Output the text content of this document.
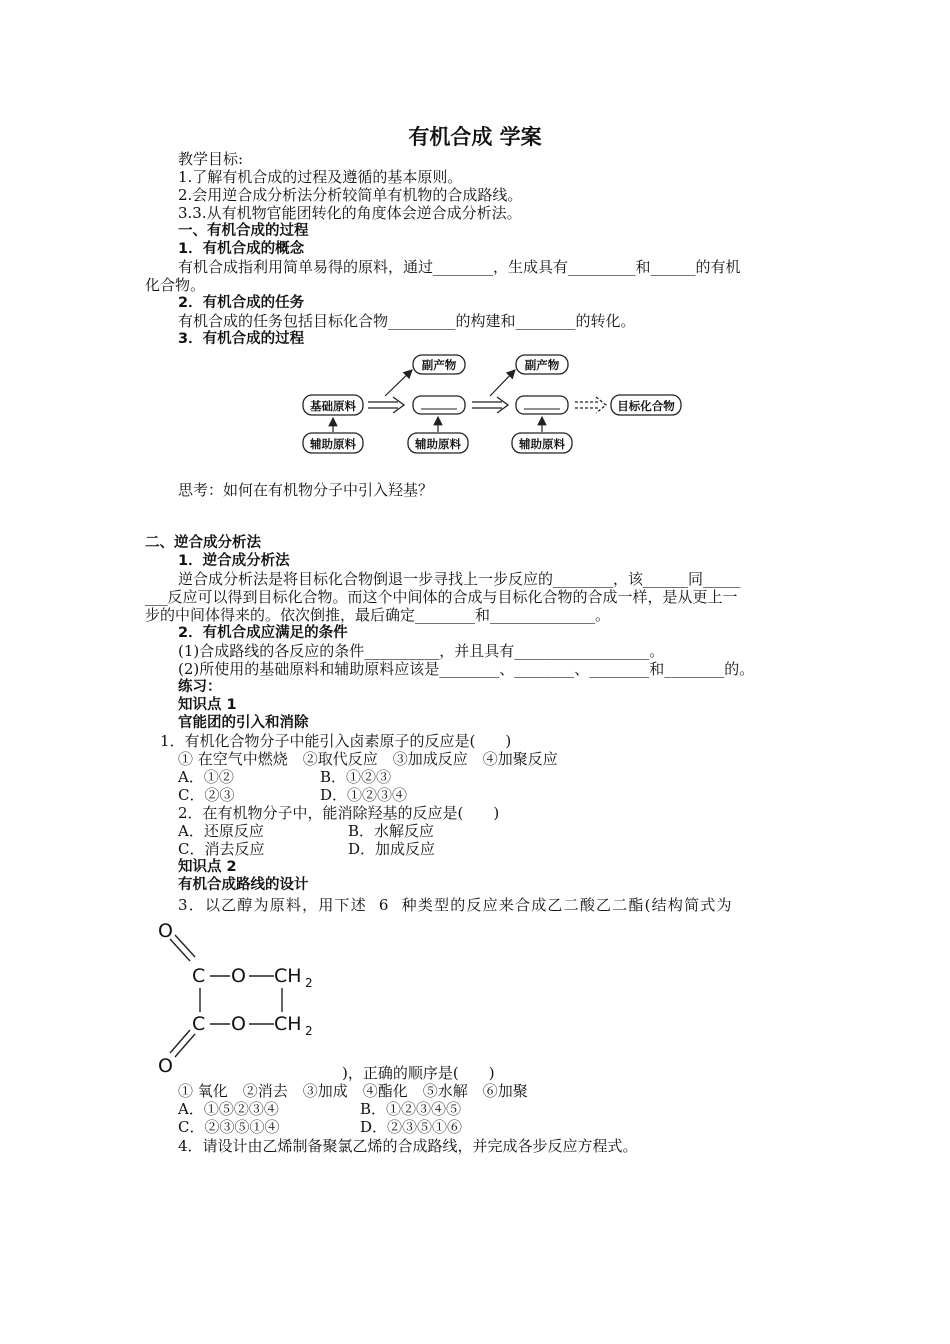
有机合成 学案
教学目标:
1.了解有机合成的过程及遵循的基本原则。
2.会用逆合成分析法分析较简单有机物的合成路线。
3.3.从有机物官能团转化的角度体会逆合成分析法。
一、有机合成的过程
1．有机合成的概念
有机合成指利用简单易得的原料，通过________，生成具有_________和______的有机
化合物。
2．有机合成的任务
有机合成的任务包括目标化合物_________的构建和________的转化。
3．有机合成的过程
基础原料
副产物	副产物
目标化合物
辅助原料	辅助原料	辅助原料
思考：如何在有机物分子中引入羟基？
二、逆合成分析法
1．逆合成分析法
逆合成分析法是将目标化合物倒退一步寻找上一步反应的________，该______同_____
___反应可以得到目标化合物。而这个中间体的合成与目标化合物的合成一样，是从更上一
步的中间体得来的。依次倒推，最后确定________和______________。
2．有机合成应满足的条件
(1)合成路线的各反应的条件__________，并且具有__________________。
(2)所使用的基础原料和辅助原料应该是________、________、________和________的。
练习：
知识点 1
官能团的引入和消除
1．有机化合物分子中能引入卤素原子的反应是(　　)
① 在空气中燃烧　②取代反应　③加成反应　④加聚反应
A．①②	B．①②③
C．②③	D．①②③④
2．在有机物分子中，能消除羟基的反应是(　　)
A．还原反应	B．水解反应
C．消去反应	D．加成反应
知识点 2
有机合成路线的设计
3．以乙醇为原料，用下述 6 种类型的反应来合成乙二酸乙二酯(结构简式为
O
C O CH
C O CH
O
2
2
)，正确的顺序是(　　)
① 氧化　②消去　③加成　④酯化　⑤水解　⑥加聚
A．①⑤②③④	B．①②③④⑤
C．②③⑤①④	D．②③⑤①⑥
4．请设计由乙烯制备聚氯乙烯的合成路线，并完成各步反应方程式。
